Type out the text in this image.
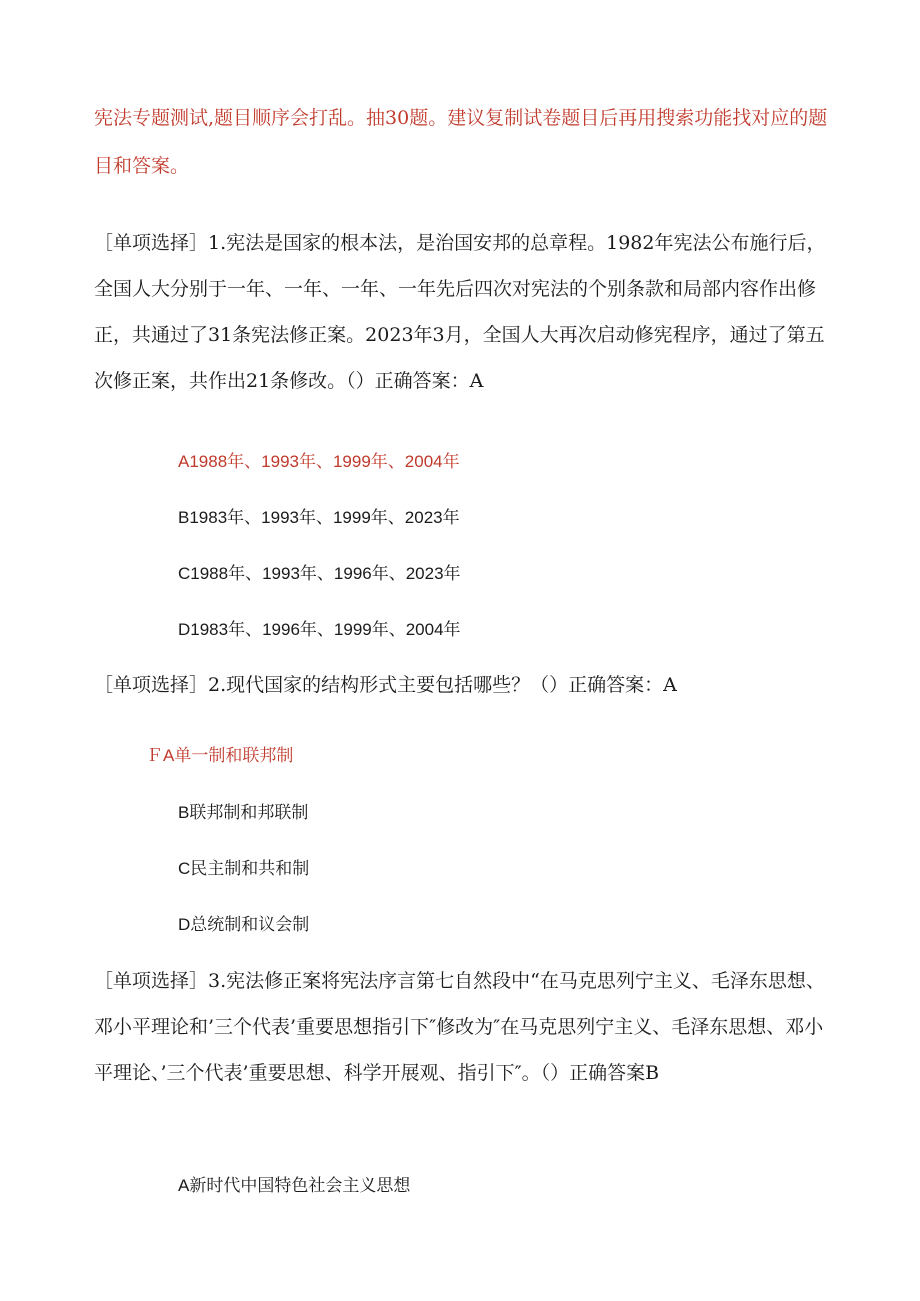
宪法专题测试,题目顺序会打乱。抽30题。建议复制试卷题目后再用搜索功能找对应的题目和答案。
［单项选择］1.宪法是国家的根本法，是治国安邦的总章程。1982年宪法公布施行后，全国人大分别于一年、一年、一年、一年先后四次对宪法的个别条款和局部内容作出修正，共通过了31条宪法修正案。2023年3月，全国人大再次启动修宪程序，通过了第五次修正案，共作出21条修改。（）正确答案：A
A1988年、1993年、1999年、2004年
B1983年、1993年、1999年、2023年
C1988年、1993年、1996年、2023年
D1983年、1996年、1999年、2004年
［单项选择］2.现代国家的结构形式主要包括哪些？（）正确答案：A
ＦA单一制和联邦制
B联邦制和邦联制
C民主制和共和制
D总统制和议会制
［单项选择］3.宪法修正案将宪法序言第七自然段中“在马克思列宁主义、毛泽东思想、邓小平理论和’三个代表’重要思想指引下″修改为″在马克思列宁主义、毛泽东思想、邓小平理论、’三个代表’重要思想、科学开展观、指引下″。（）正确答案B
A新时代中国特色社会主义思想
